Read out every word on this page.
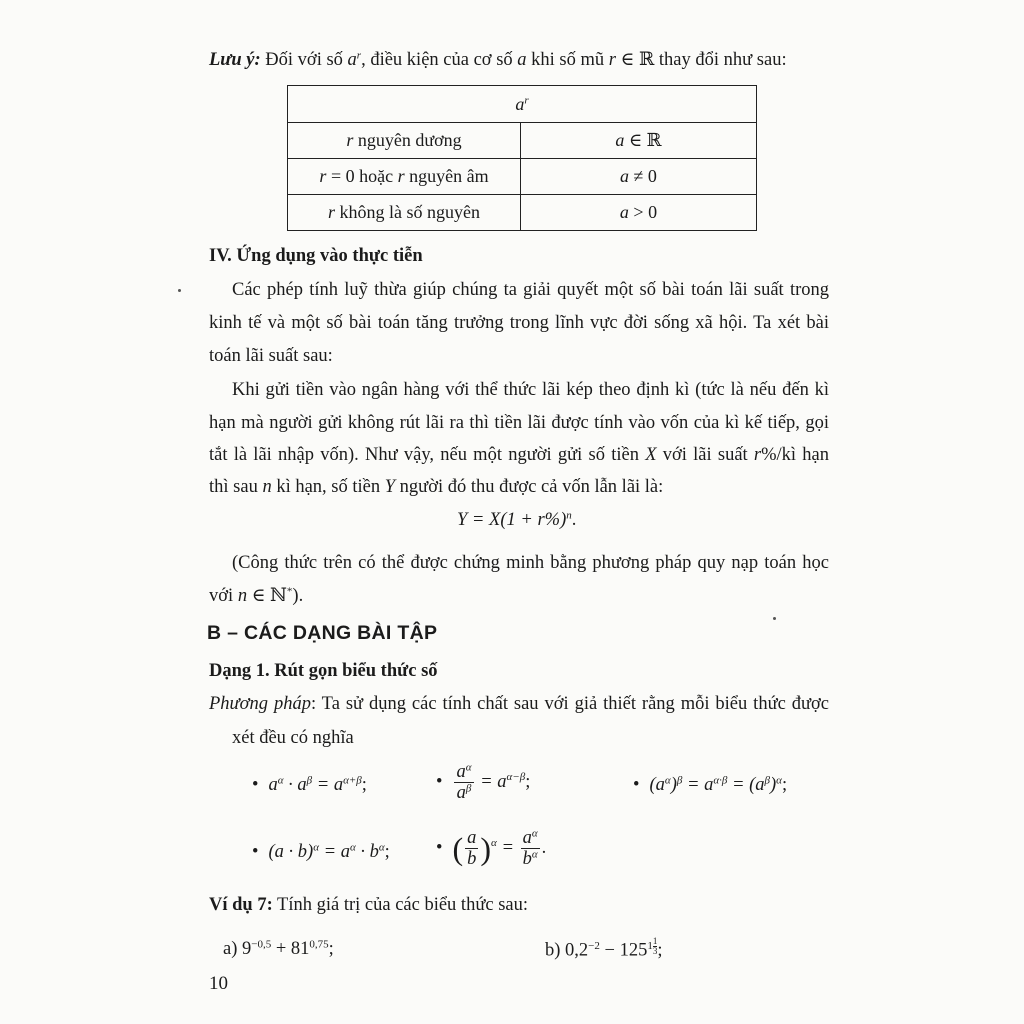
Lưu ý: Đối với số $a^r$, điều kiện của cơ số a khi số mũ r ∈ ℝ thay đổi như sau:
$a^r$
r nguyên dương	a ∈ ℝ
r = 0 hoặc r nguyên âm	a ≠ 0
r không là số nguyên	a > 0
IV. Ứng dụng vào thực tiễn
Các phép tính luỹ thừa giúp chúng ta giải quyết một số bài toán lãi suất trong
kinh tế và một số bài toán tăng trưởng trong lĩnh vực đời sống xã hội. Ta xét bài
toán lãi suất sau:
Khi gửi tiền vào ngân hàng với thể thức lãi kép theo định kì (tức là nếu đến kì
hạn mà người gửi không rút lãi ra thì tiền lãi được tính vào vốn của kì kế tiếp, gọi
tắt là lãi nhập vốn). Như vậy, nếu một người gửi số tiền X với lãi suất r%/kì hạn
thì sau n kì hạn, số tiền Y người đó thu được cả vốn lẫn lãi là:
$Y = X(1 + r\%)^n$.
(Công thức trên có thể được chứng minh bằng phương pháp quy nạp toán học
với n ∈ ℕ*).
B – CÁC DẠNG BÀI TẬP
Dạng 1. Rút gọn biểu thức số
Phương pháp: Ta sử dụng các tính chất sau với giả thiết rằng mỗi biểu thức được
xét đều có nghĩa
• $a^\alpha \cdot a^\beta = a^{\alpha+\beta}$;	• $\frac{a^\alpha}{a^\beta} = a^{\alpha-\beta}$;	• $(a^\alpha)^\beta = a^{\alpha\cdot\beta} = (a^\beta)^\alpha$;
• $(a \cdot b)^\alpha = a^\alpha \cdot b^\alpha$; • ( $\frac{a}{b} )^\alpha = \frac{a^\alpha}{b^\alpha}$ .
Ví dụ 7: Tính giá trị của các biểu thức sau:
a) $9^{-0,5} + 81^{0,75}$;	b) $0,2^{-2} - 125^{1 \frac{1}{3}}$ ;
10
